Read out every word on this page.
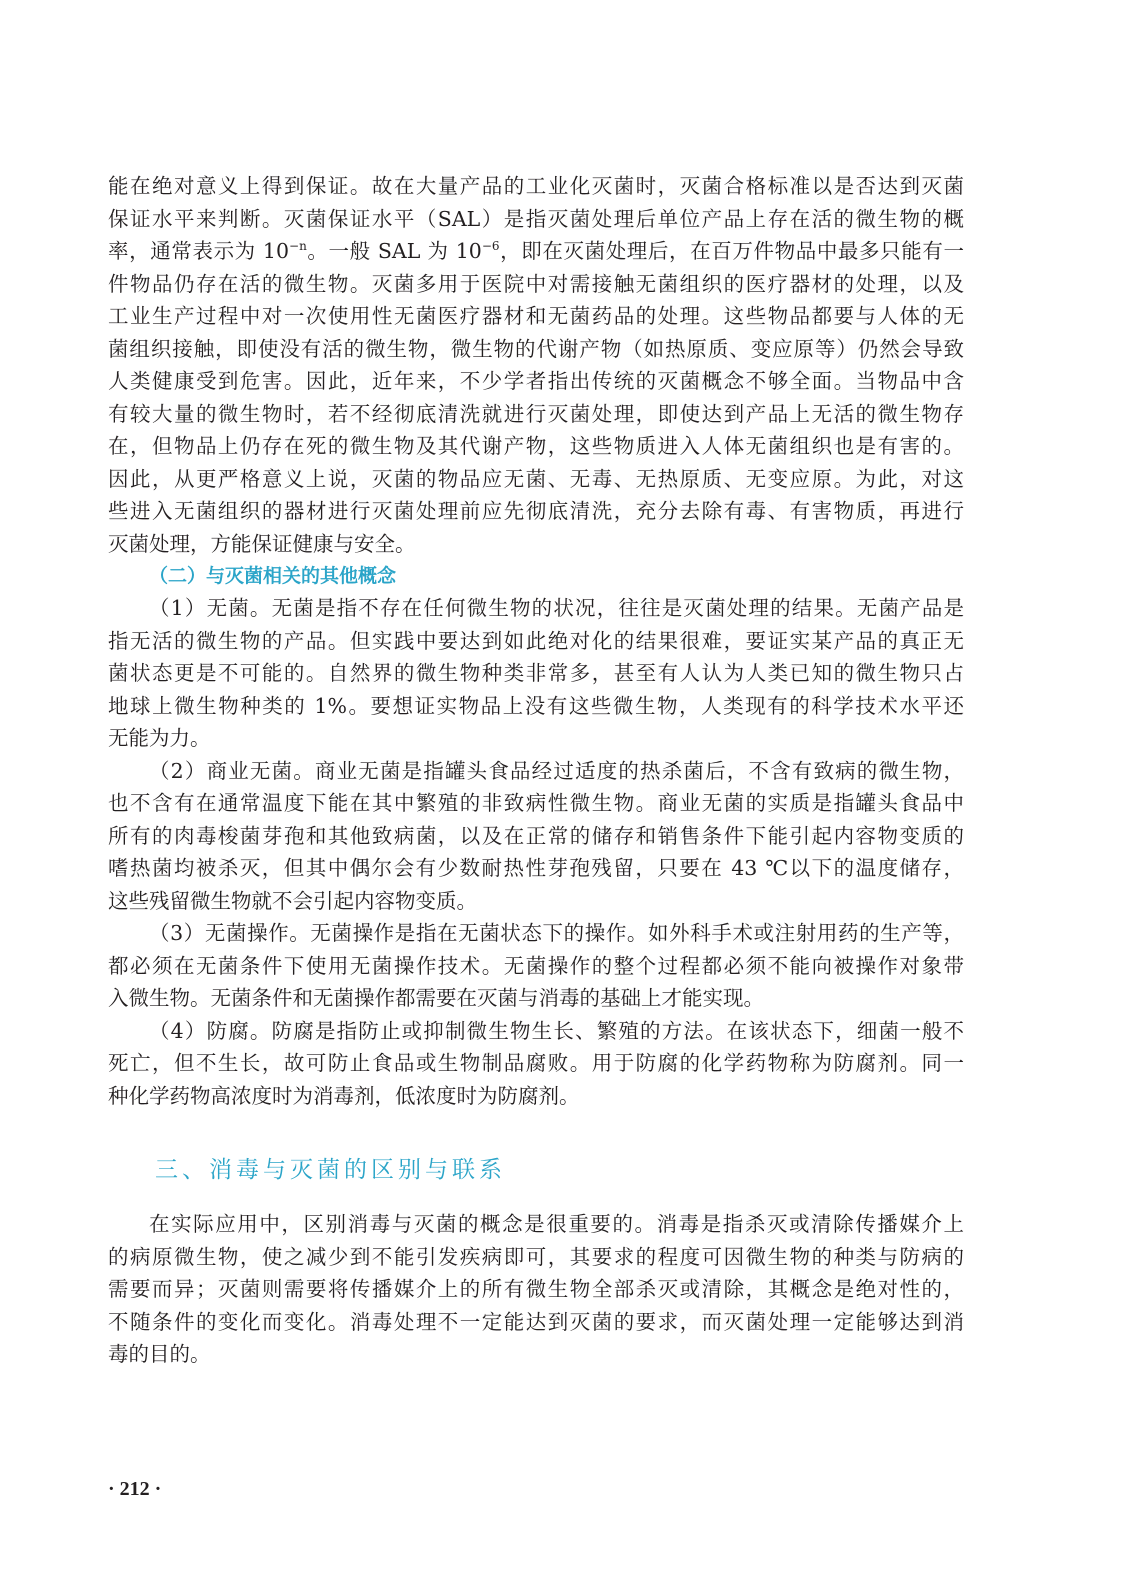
能在绝对意义上得到保证。故在大量产品的工业化灭菌时，灭菌合格标准以是否达到灭菌
保证水平来判断。灭菌保证水平（SAL）是指灭菌处理后单位产品上存在活的微生物的概
率，通常表示为 $10^{-n}$。一般 SAL 为 $10^{-6}$，即在灭菌处理后，在百万件物品中最多只能有一
件物品仍存在活的微生物。灭菌多用于医院中对需接触无菌组织的医疗器材的处理，以及
工业生产过程中对一次使用性无菌医疗器材和无菌药品的处理。这些物品都要与人体的无
菌组织接触，即使没有活的微生物，微生物的代谢产物（如热原质、变应原等）仍然会导致
人类健康受到危害。因此，近年来，不少学者指出传统的灭菌概念不够全面。当物品中含
有较大量的微生物时，若不经彻底清洗就进行灭菌处理，即使达到产品上无活的微生物存
在，但物品上仍存在死的微生物及其代谢产物，这些物质进入人体无菌组织也是有害的。
因此，从更严格意义上说，灭菌的物品应无菌、无毒、无热原质、无变应原。为此，对这
些进入无菌组织的器材进行灭菌处理前应先彻底清洗，充分去除有毒、有害物质，再进行
灭菌处理，方能保证健康与安全。
（二）与灭菌相关的其他概念
（1）无菌。无菌是指不存在任何微生物的状况，往往是灭菌处理的结果。无菌产品是
指无活的微生物的产品。但实践中要达到如此绝对化的结果很难，要证实某产品的真正无
菌状态更是不可能的。自然界的微生物种类非常多，甚至有人认为人类已知的微生物只占
地球上微生物种类的 1%。要想证实物品上没有这些微生物，人类现有的科学技术水平还
无能为力。
（2）商业无菌。商业无菌是指罐头食品经过适度的热杀菌后，不含有致病的微生物，
也不含有在通常温度下能在其中繁殖的非致病性微生物。商业无菌的实质是指罐头食品中
所有的肉毒梭菌芽孢和其他致病菌，以及在正常的储存和销售条件下能引起内容物变质的
嗜热菌均被杀灭，但其中偶尔会有少数耐热性芽孢残留，只要在 43 ℃以下的温度储存，
这些残留微生物就不会引起内容物变质。
（3）无菌操作。无菌操作是指在无菌状态下的操作。如外科手术或注射用药的生产等，
都必须在无菌条件下使用无菌操作技术。无菌操作的整个过程都必须不能向被操作对象带
入微生物。无菌条件和无菌操作都需要在灭菌与消毒的基础上才能实现。
（4）防腐。防腐是指防止或抑制微生物生长、繁殖的方法。在该状态下，细菌一般不
死亡，但不生长，故可防止食品或生物制品腐败。用于防腐的化学药物称为防腐剂。同一
种化学药物高浓度时为消毒剂，低浓度时为防腐剂。
三、消毒与灭菌的区别与联系
在实际应用中，区别消毒与灭菌的概念是很重要的。消毒是指杀灭或清除传播媒介上
的病原微生物，使之减少到不能引发疾病即可，其要求的程度可因微生物的种类与防病的
需要而异；灭菌则需要将传播媒介上的所有微生物全部杀灭或清除，其概念是绝对性的，
不随条件的变化而变化。消毒处理不一定能达到灭菌的要求，而灭菌处理一定能够达到消
毒的目的。
· 212 ·
